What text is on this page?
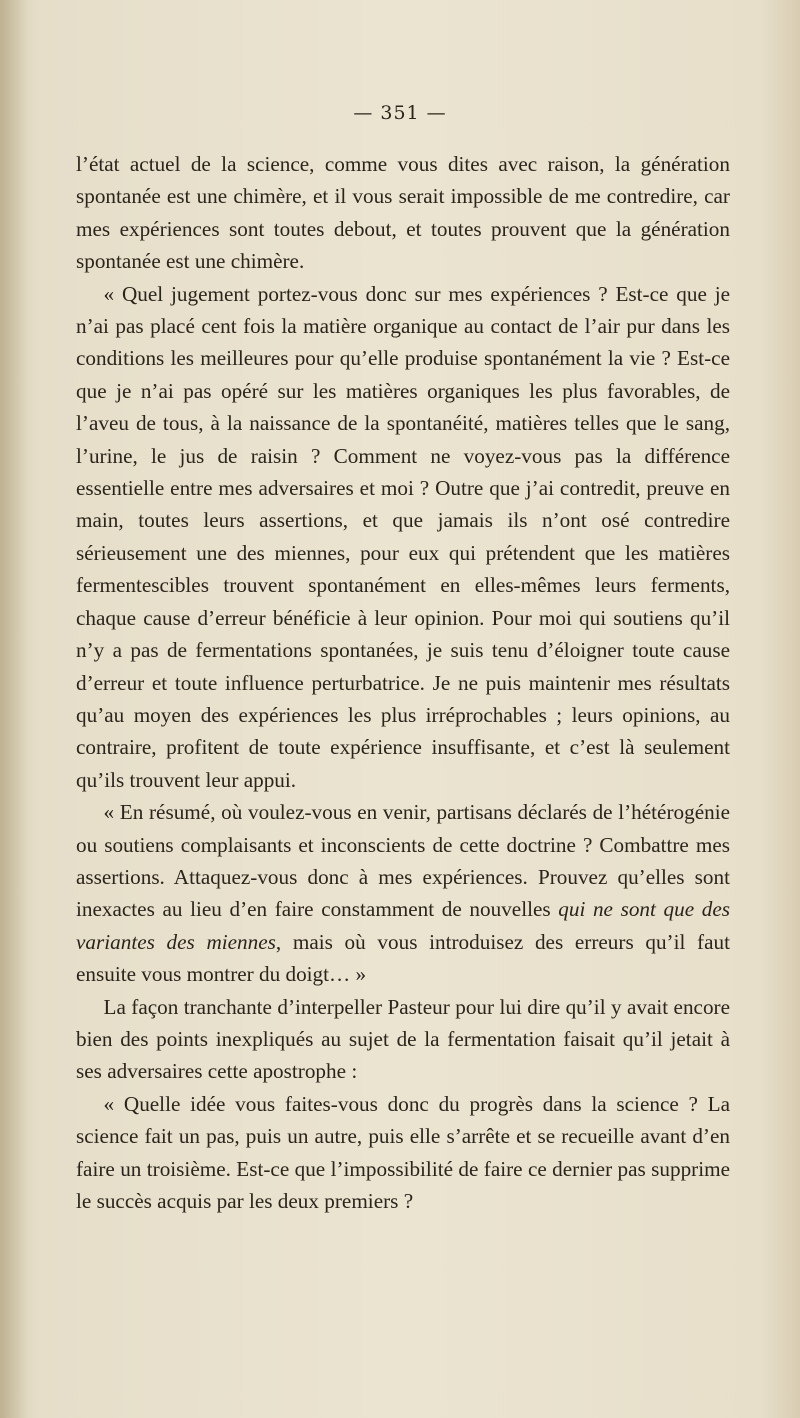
— 351 —

l’état actuel de la science, comme vous dites avec raison, la génération spontanée est une chimère, et il vous serait impossible de me contredire, car mes expériences sont toutes debout, et toutes prouvent que la génération spontanée est une chimère.

« Quel jugement portez-vous donc sur mes expériences ? Est-ce que je n’ai pas placé cent fois la matière organique au contact de l’air pur dans les conditions les meilleures pour qu’elle produise spontanément la vie ? Est-ce que je n’ai pas opéré sur les matières organiques les plus favorables, de l’aveu de tous, à la naissance de la spontanéité, matières telles que le sang, l’urine, le jus de raisin ? Comment ne voyez-vous pas la différence essentielle entre mes adversaires et moi ? Outre que j’ai contredit, preuve en main, toutes leurs assertions, et que jamais ils n’ont osé contredire sérieusement une des miennes, pour eux qui prétendent que les matières fermentescibles trouvent spontanément en elles-mêmes leurs ferments, chaque cause d’erreur bénéficie à leur opinion. Pour moi qui soutiens qu’il n’y a pas de fermentations spontanées, je suis tenu d’éloigner toute cause d’erreur et toute influence perturbatrice. Je ne puis maintenir mes résultats qu’au moyen des expériences les plus irréprochables ; leurs opinions, au contraire, profitent de toute expérience insuffisante, et c’est là seulement qu’ils trouvent leur appui.

« En résumé, où voulez-vous en venir, partisans déclarés de l’hétérogénie ou soutiens complaisants et inconscients de cette doctrine ? Combattre mes assertions. Attaquez-vous donc à mes expériences. Prouvez qu’elles sont inexactes au lieu d’en faire constamment de nouvelles qui ne sont que des variantes des miennes, mais où vous introduisez des erreurs qu’il faut ensuite vous montrer du doigt… »

La façon tranchante d’interpeller Pasteur pour lui dire qu’il y avait encore bien des points inexpliqués au sujet de la fermentation faisait qu’il jetait à ses adversaires cette apostrophe :

« Quelle idée vous faites-vous donc du progrès dans la science ? La science fait un pas, puis un autre, puis elle s’arrête et se recueille avant d’en faire un troisième. Est-ce que l’impossibilité de faire ce dernier pas supprime le succès acquis par les deux premiers ?
